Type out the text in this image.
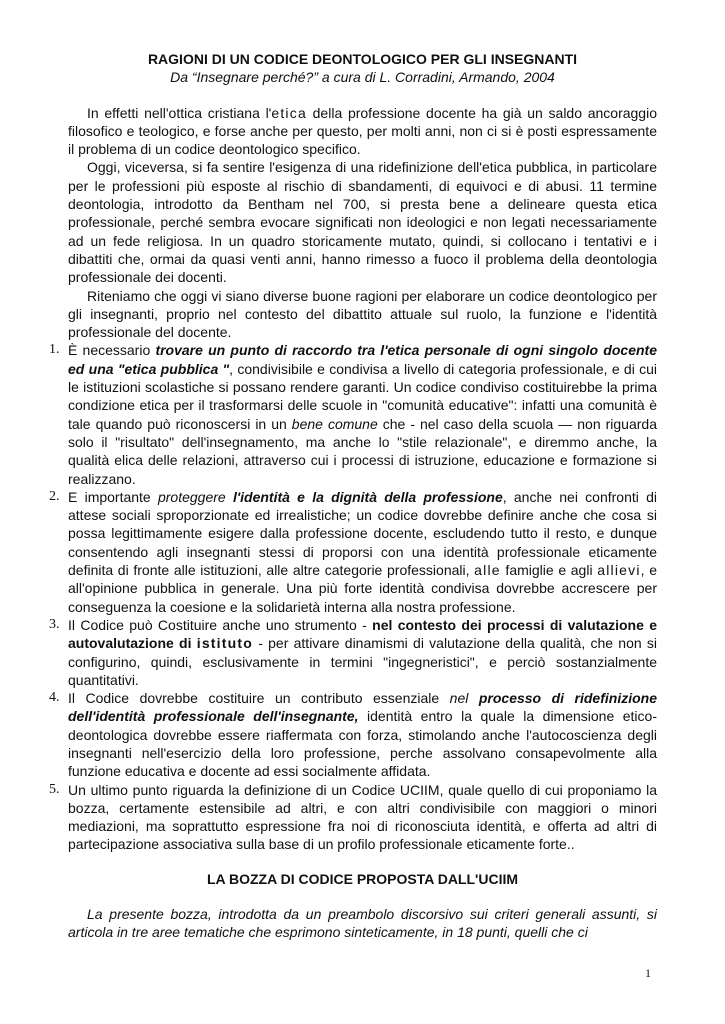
RAGIONI DI UN CODICE DEONTOLOGICO PER GLI INSEGNANTI
Da “Insegnare perché?” a cura di L. Corradini, Armando, 2004

In effetti nell'ottica cristiana l'etica della professione docente ha già un saldo ancoraggio filosofico e teologico, e forse anche per questo, per molti anni, non ci si è posti espressamente il problema di un codice deontologico specifico.

Oggi, viceversa, si fa sentire l'esigenza di una ridefinizione dell'etica pubblica, in particolare per le professioni più esposte al rischio di sbandamenti, di equivoci e di abusi. 11 termine deontologia, introdotto da Bentham nel 700, si presta bene a delineare questa etica professionale, perché sembra evocare significati non ideologici e non legati necessariamente ad un fede religiosa. In un quadro storicamente mutato, quindi, si collocano i tentativi e i dibattiti che, ormai da quasi venti anni, hanno rimesso a fuoco il problema della deontologia professionale dei docenti.

Riteniamo che oggi vi siano diverse buone ragioni per elaborare un codice deontologico per gli insegnanti, proprio nel contesto del dibattito attuale sul ruolo, la funzione e l'identità professionale del docente.

1. È necessario trovare un punto di raccordo tra l'etica personale di ogni singolo docente ed una "etica pubblica ", condivisibile e condivisa a livello di categoria professionale, e di cui le istituzioni scolastiche si possano rendere garanti. Un codice condiviso costituirebbe la prima condizione etica per il trasformarsi delle scuole in "comunità educative": infatti una comunità è tale quando può riconoscersi in un bene comune che - nel caso della scuola — non riguarda solo il "risultato" dell'insegnamento, ma anche lo "stile relazionale", e diremmo anche, la qualità elica delle relazioni, attraverso cui i processi di istruzione, educazione e formazione si realizzano.
2. E importante proteggere l'identità e la dignità della professione, anche nei confronti di attese sociali sproporzionate ed irrealistiche; un codice dovrebbe definire anche che cosa si possa legittimamente esigere dalla professione docente, escludendo tutto il resto, e dunque consentendo agli insegnanti stessi di proporsi con una identità professionale eticamente definita di fronte alle istituzioni, alle altre categorie professionali, alle famiglie e agli allievi, e all'opinione pubblica in generale. Una più forte identità condivisa dovrebbe accrescere per conseguenza la coesione e la solidarietà interna alla nostra professione.
3. Il Codice può Costituire anche uno strumento - nel contesto dei processi di valutazione e autovalutazione di istituto - per attivare dinamismi di valutazione della qualità, che non si configurino, quindi, esclusivamente in termini "ingegneristici", e perciò sostanzialmente quantitativi.
4. Il Codice dovrebbe costituire un contributo essenziale nel processo di ridefinizione dell'identità professionale dell'insegnante, identità entro la quale la dimensione etico-deontologica dovrebbe essere riaffermata con forza, stimolando anche l'autocoscienza degli insegnanti nell'esercizio della loro professione, perche assolvano consapevolmente alla funzione educativa e docente ad essi socialmente affidata.
5. Un ultimo punto riguarda la definizione di un Codice UCIIM, quale quello di cui proponiamo la bozza, certamente estensibile ad altri, e con altri condivisibile con maggiori o minori mediazioni, ma soprattutto espressione fra noi di riconosciuta identità, e offerta ad altri di partecipazione associativa sulla base di un profilo professionale eticamente forte..
LA BOZZA DI CODICE PROPOSTA DALL'UCIIM

La presente bozza, introdotta da un preambolo discorsivo sui criteri generali assunti, si articola in tre aree tematiche che esprimono sinteticamente, in 18 punti, quelli che ci

1
